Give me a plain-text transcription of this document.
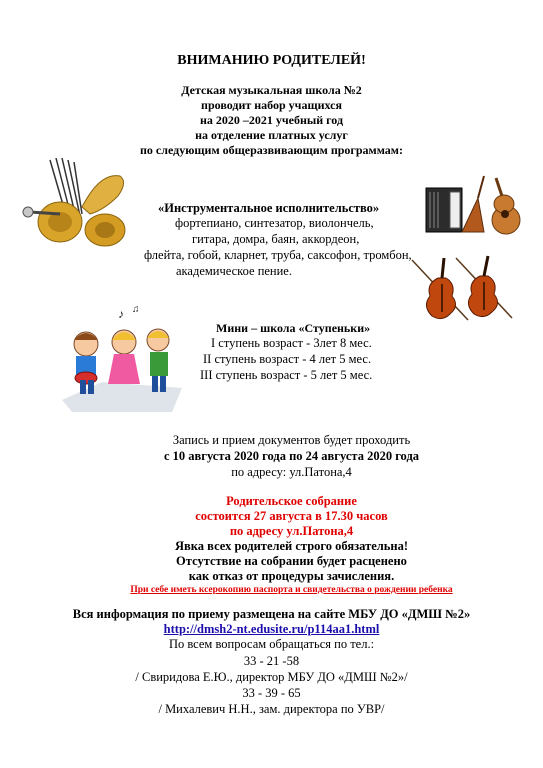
ВНИМАНИЮ РОДИТЕЛЕЙ!
Детская музыкальная школа №2
проводит набор учащихся
на 2020 –2021 учебный год
на отделение платных услуг
по следующим общеразвивающим программам:
«Инструментальное исполнительство»
фортепиано, синтезатор, виолончель,
гитара, домра, баян, аккордеон,
флейта, гобой, кларнет, труба, саксофон, тромбон,
академическое пение.
♪ ♫
Мини – школа «Ступеньки»
I ступень возраст - 3лет 8 мес.
II ступень возраст - 4 лет 5 мес.
III ступень возраст - 5 лет 5 мес.
Запись и прием документов будет проходить
с 10 августа 2020 года по 24 августа 2020 года
по адресу: ул.Патона,4
Родительское собрание
состоится 27 августа в 17.30 часов
по адресу ул.Патона,4
Явка всех родителей строго обязательна!
Отсутствие на собрании будет расценено
как отказ от процедуры зачисления.
При себе иметь ксерокопию паспорта и свидетельства о рождении ребенка
Вся информация по приему размещена на сайте МБУ ДО «ДМШ №2»
http://dmsh2-nt.edusite.ru/p114aa1.html
По всем вопросам обращаться по тел.:
33 - 21 -58
/ Свиридова Е.Ю., директор МБУ ДО «ДМШ №2»/
33 - 39 - 65
/ Михалевич Н.Н., зам. директора по УВР/
